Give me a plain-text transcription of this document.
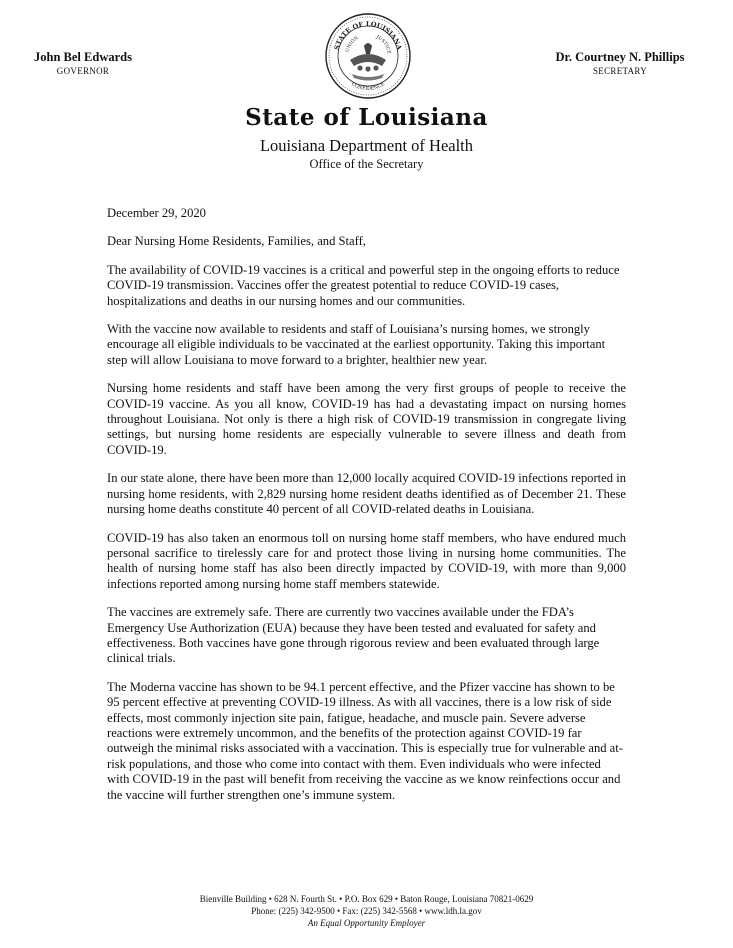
John Bel Edwards
GOVERNOR
STATE OF LOUISIANA
UNION	JUSTICE
CONFIDENCE
Dr. Courtney N. Phillips
SECRETARY
State of Louisiana
Louisiana Department of Health
Office of the Secretary

December 29, 2020

Dear Nursing Home Residents, Families, and Staff,

The availability of COVID-19 vaccines is a critical and powerful step in the ongoing efforts to reduce COVID-19 transmission. Vaccines offer the greatest potential to reduce COVID-19 cases, hospitalizations and deaths in our nursing homes and our communities.

With the vaccine now available to residents and staff of Louisiana’s nursing homes, we strongly encourage all eligible individuals to be vaccinated at the earliest opportunity. Taking this important step will allow Louisiana to move forward to a brighter, healthier new year.

Nursing home residents and staff have been among the very first groups of people to receive the COVID-19 vaccine. As you all know, COVID-19 has had a devastating impact on nursing homes throughout Louisiana. Not only is there a high risk of COVID-19 transmission in congregate living settings, but nursing home residents are especially vulnerable to severe illness and death from COVID-19.

In our state alone, there have been more than 12,000 locally acquired COVID-19 infections reported in nursing home residents, with 2,829 nursing home resident deaths identified as of December 21. These nursing home deaths constitute 40 percent of all COVID-related deaths in Louisiana.

COVID-19 has also taken an enormous toll on nursing home staff members, who have endured much personal sacrifice to tirelessly care for and protect those living in nursing home communities. The health of nursing home staff has also been directly impacted by COVID-19, with more than 9,000 infections reported among nursing home staff members statewide.

The vaccines are extremely safe. There are currently two vaccines available under the FDA’s Emergency Use Authorization (EUA) because they have been tested and evaluated for safety and effectiveness. Both vaccines have gone through rigorous review and been evaluated through large clinical trials.

The Moderna vaccine has shown to be 94.1 percent effective, and the Pfizer vaccine has shown to be 95 percent effective at preventing COVID-19 illness. As with all vaccines, there is a low risk of side effects, most commonly injection site pain, fatigue, headache, and muscle pain. Severe adverse reactions were extremely uncommon, and the benefits of the protection against COVID-19 far outweigh the minimal risks associated with a vaccination. This is especially true for vulnerable and at-risk populations, and those who come into contact with them. Even individuals who were infected with COVID-19 in the past will benefit from receiving the vaccine as we know reinfections occur and the vaccine will further strengthen one’s immune system.

Bienville Building • 628 N. Fourth St. • P.O. Box 629 • Baton Rouge, Louisiana 70821-0629
Phone: (225) 342-9500 • Fax: (225) 342-5568 • www.ldh.la.gov
An Equal Opportunity Employer
